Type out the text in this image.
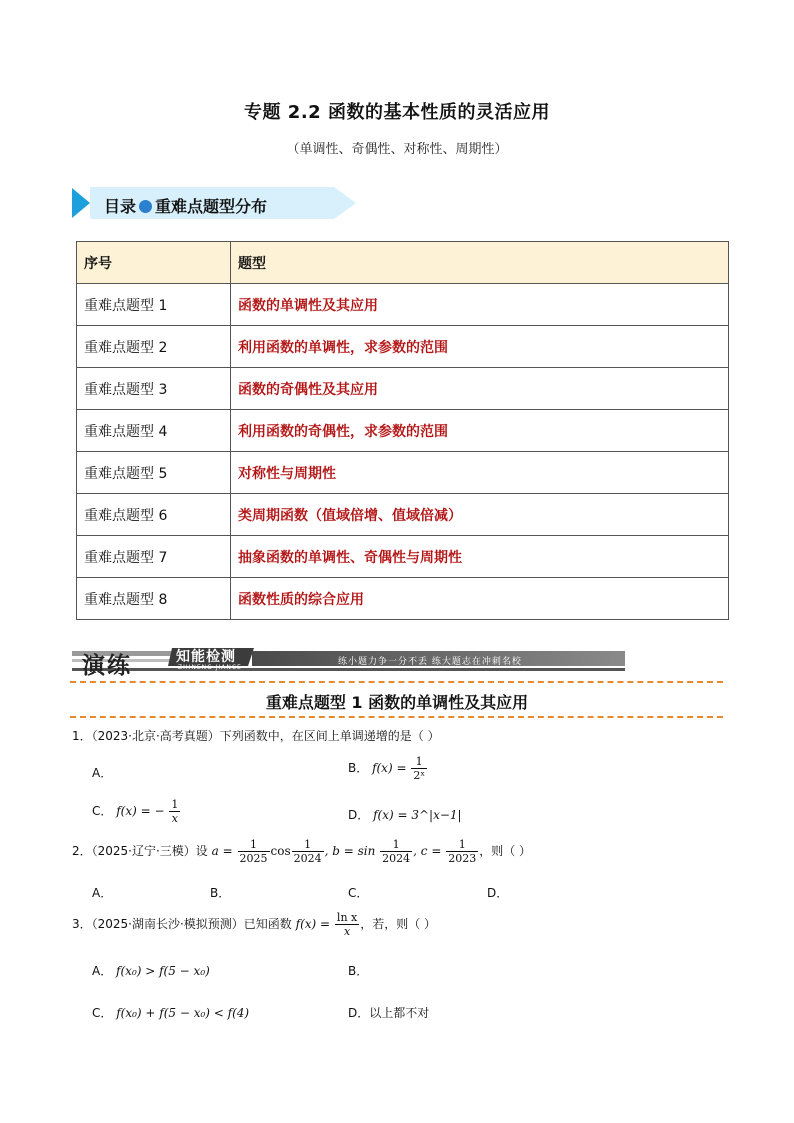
专题 2.2 函数的基本性质的灵活应用
（单调性、奇偶性、对称性、周期性）
目录 重难点题型分布
序号	题型
重难点题型 1	函数的单调性及其应用
重难点题型 2	利用函数的单调性，求参数的范围
重难点题型 3	函数的奇偶性及其应用
重难点题型 4	利用函数的奇偶性，求参数的范围
重难点题型 5	对称性与周期性
重难点题型 6	类周期函数（值域倍增、值域倍减）
重难点题型 7	抽象函数的单调性、奇偶性与周期性
重难点题型 8	函数性质的综合应用
演练	知能检测
ZHINENG JIANCE
练小题力争一分不丢 练大题志在冲刺名校
重难点题型 1 函数的单调性及其应用
1．（2023·北京·高考真题）下列函数中，在区间上单调递增的是（ ）
A．	B． $f(x) = \frac{1}{\text{2ˣ}}$
C． f(x) = − $\frac{1}{x}$	D． f(x) = 3^|x−1|
2．（2025·辽宁·三模）设 $a = \frac{1}{2025}$ $\cos \frac{1}{2024}$ , $b = \sin \frac{1}{2024}$ , $c = \frac{1}{2023}$ ，则（ ）
A．	B．	C．	D．
3．（2025·湖南长沙·模拟预测）已知函数 $f(x) = \frac{\text{ln x}}{x}$ ，若，则（ ）
A． f(x₀) > f(5 − x₀)	B．
C． f(x₀) + f(5 − x₀) < f(4)	D．以上都不对
